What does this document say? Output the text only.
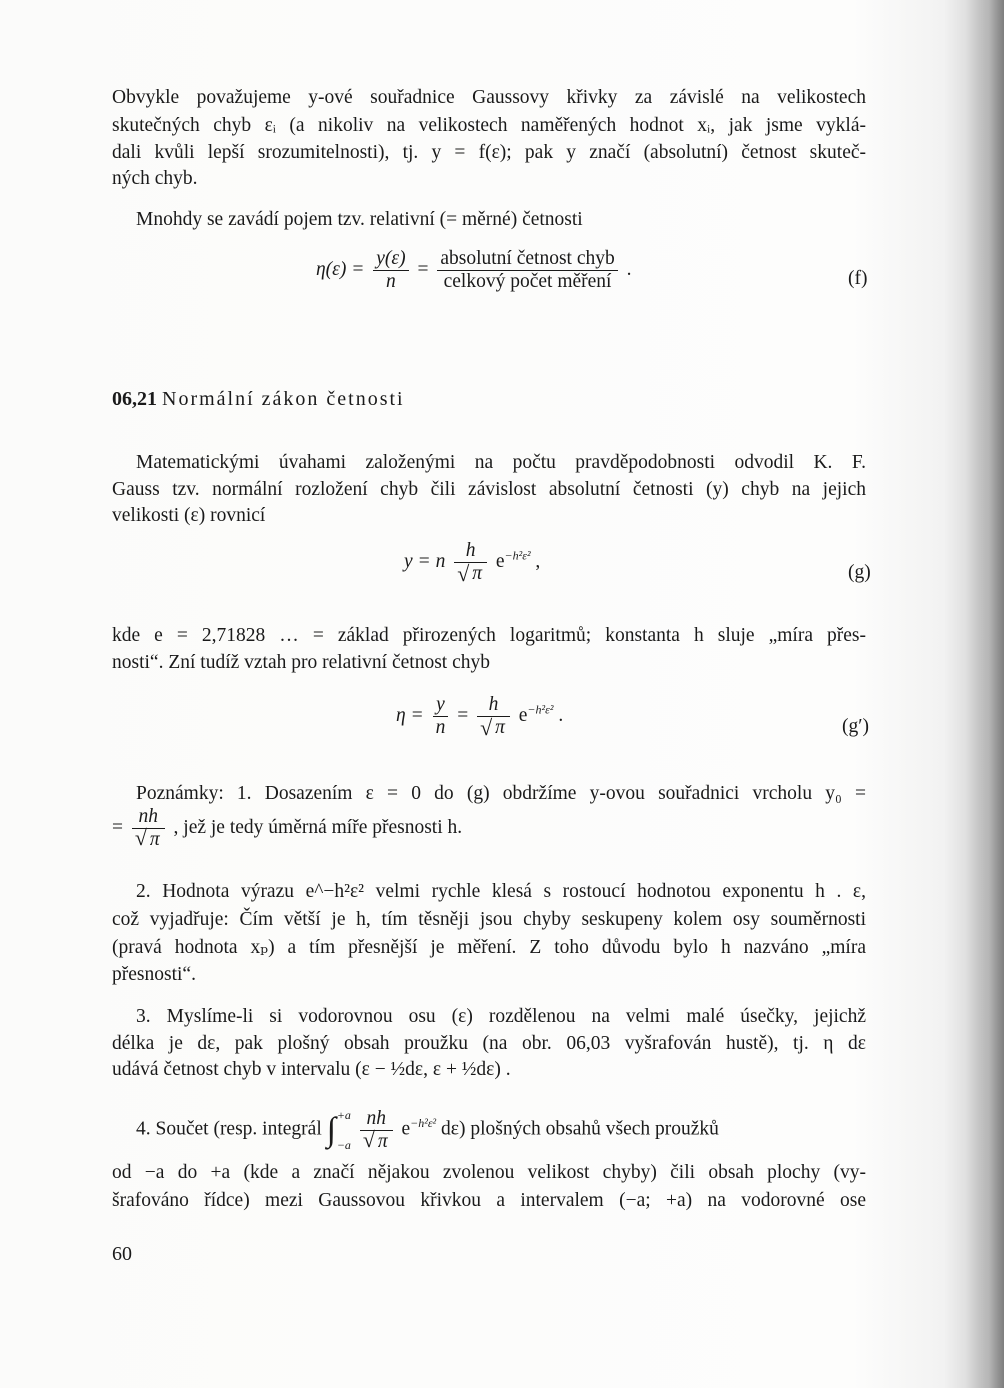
Obvykle považujeme y-ové souřadnice Gaussovy křivky za závislé na velikostech
skutečných chyb εᵢ (a nikoliv na velikostech naměřených hodnot xᵢ, jak jsme vyklá-
dali kvůli lepší srozumitelnosti), tj. y = f(ε); pak y značí (absolutní) četnost skuteč-
ných chyb.
Mnohdy se zavádí pojem tzv. relativní (= měrné) četnosti
$\eta(\varepsilon) = \frac{y(\varepsilon)}{n} = \frac{\text{absolutní četnost chyb}}{\text{celkový počet měření}}$ .	(f)
06,21 Normální zákon četnosti
Matematickými úvahami založenými na počtu pravděpodobnosti odvodil K. F.
Gauss tzv. normální rozložení chyb čili závislost absolutní četnosti (y) chyb na jejich
velikosti (ε) rovnicí
y = n h
√ π $e^{-h^2\varepsilon^2}$ ,
(g)
kde e = 2,71828 … = základ přirozených logaritmů; konstanta h sluje „míra přes-
nosti“. Zní tudíž vztah pro relativní četnost chyb
$\eta = \frac{y}{n} = h$
√ π $e^{-h^2\varepsilon^2}$ .
(g′)
Poznámky: 1. Dosazením ε = 0 do (g) obdržíme y-ovou souřadnici vrcholu y₀ =
= nh
√ π , jež je tedy úměrná míře přesnosti h.
2. Hodnota výrazu e^−h²ε² velmi rychle klesá s rostoucí hodnotou exponentu h . ε,
což vyjadřuje: Čím větší je h, tím těsněji jsou chyby seskupeny kolem osy souměrnosti
(pravá hodnota xₚ) a tím přesnější je měření. Z toho důvodu bylo h nazváno „míra
přesnosti“.
3. Myslíme-li si vodorovnou osu (ε) rozdělenou na velmi malé úsečky, jejichž
délka je dε, pak plošný obsah proužku (na obr. 06,03 vyšrafován hustě), tj. η dε
udává četnost chyb v intervalu (ε − ½dε, ε + ½dε) .
4. Součet (resp. integrál ∫ +a
−a
nh
√ π $e^{-h^2\varepsilon^2}$ dε) plošných obsahů všech proužků
od −a do +a (kde a značí nějakou zvolenou velikost chyby) čili obsah plochy (vy-
šrafováno řídce) mezi Gaussovou křivkou a intervalem (−a; +a) na vodorovné ose
60
